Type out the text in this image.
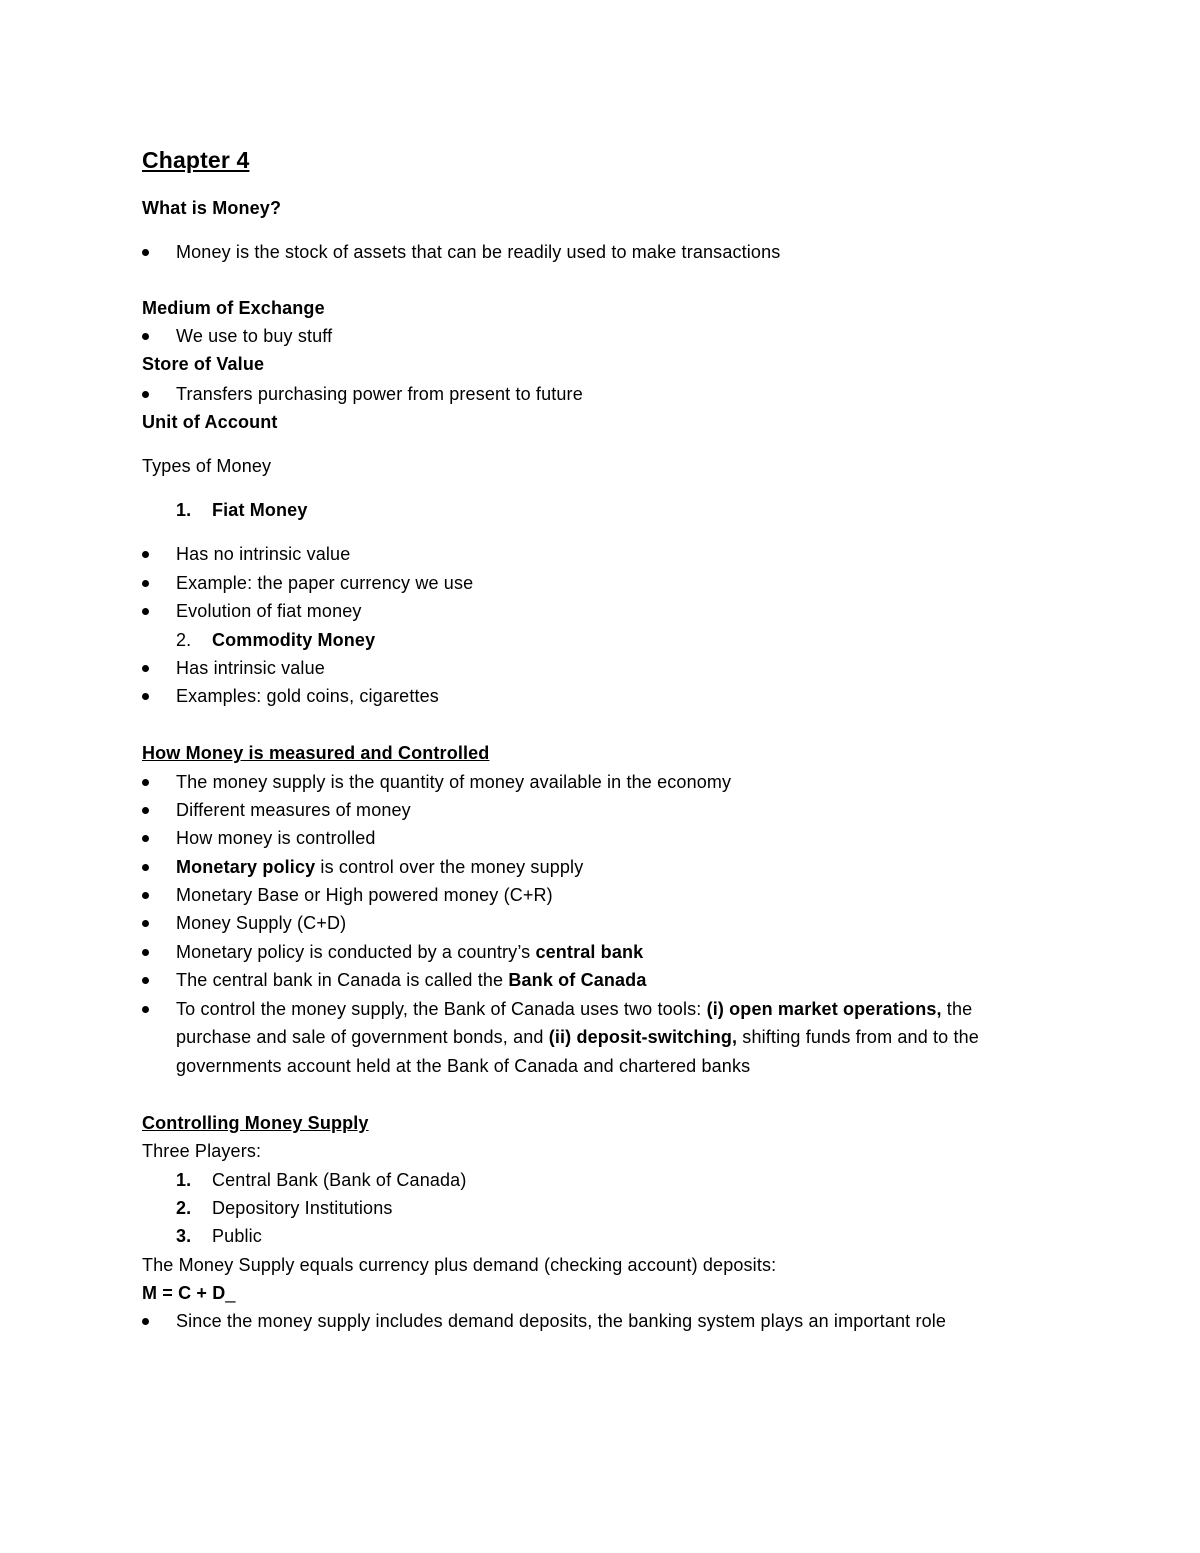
Chapter 4
What is Money?
Money is the stock of assets that can be readily used to make transactions
Medium of Exchange
We use to buy stuff
Store of Value
Transfers purchasing power from present to future
Unit of Account
Types of Money
1. Fiat Money
Has no intrinsic value
Example: the paper currency we use
Evolution of fiat money
2. Commodity Money
Has intrinsic value
Examples: gold coins, cigarettes
How Money is measured and Controlled
The money supply is the quantity of money available in the economy
Different measures of money
How money is controlled
Monetary policy is control over the money supply
Monetary Base or High powered money (C+R)
Money Supply (C+D)
Monetary policy is conducted by a country’s central bank
The central bank in Canada is called the Bank of Canada
To control the money supply, the Bank of Canada uses two tools: (i) open market operations, the
purchase and sale of government bonds, and (ii) deposit-switching, shifting funds from and to the
governments account held at the Bank of Canada and chartered banks
Controlling Money Supply
Three Players:
1. Central Bank (Bank of Canada)
2. Depository Institutions
3. Public
The Money Supply equals currency plus demand (checking account) deposits:
M = C + D_
Since the money supply includes demand deposits, the banking system plays an important role
